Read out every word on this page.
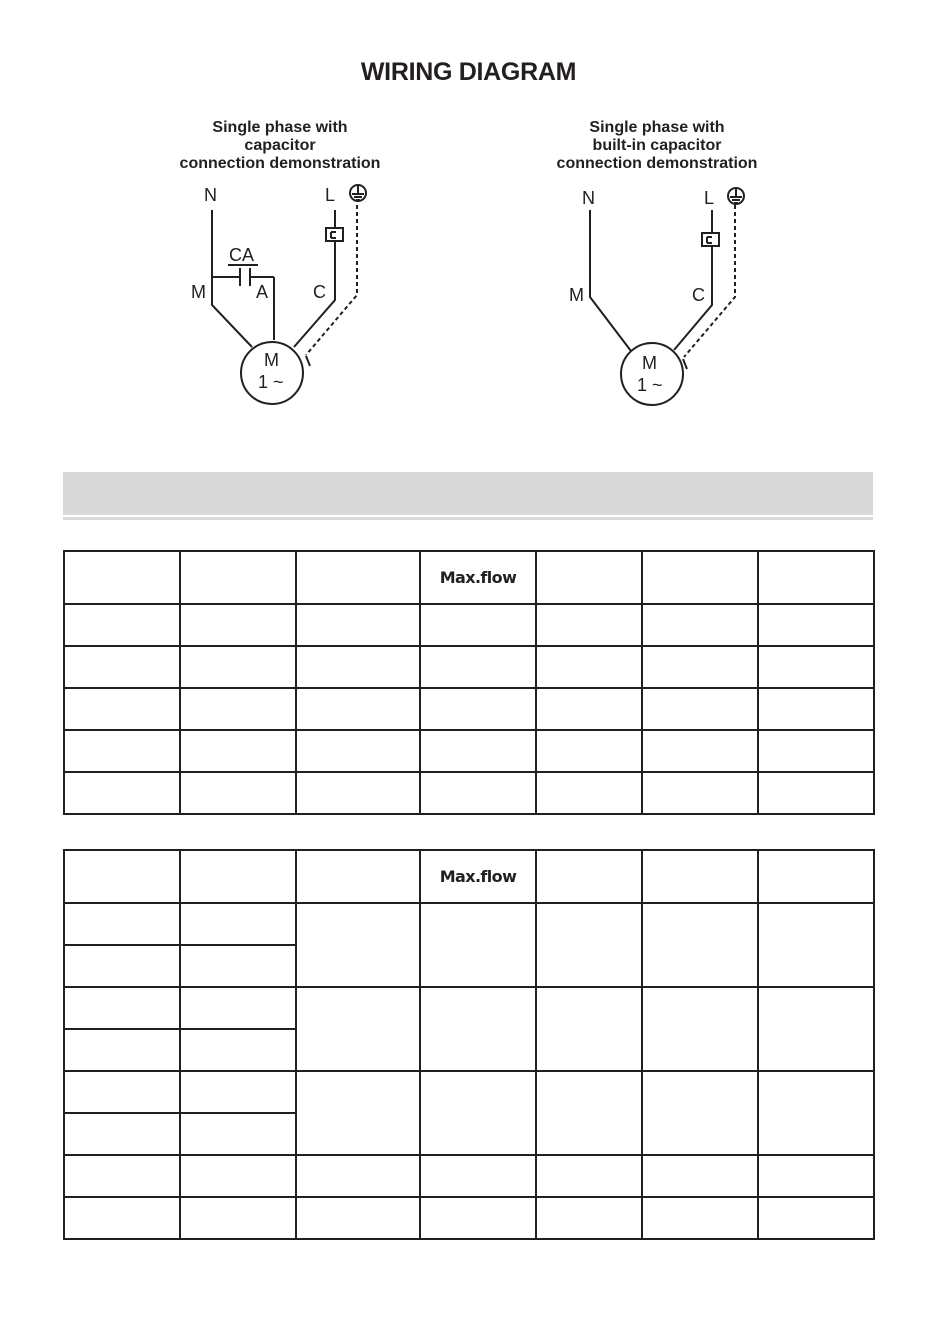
WIRING DIAGRAM
Single phase with
capacitor
connection demonstration
Single phase with
built-in capacitor
connection demonstration
N	L
CA
M	A C
M
1 ~
N	L
M	C
M
1 ~
			Max.flow			

			Max.flow			
